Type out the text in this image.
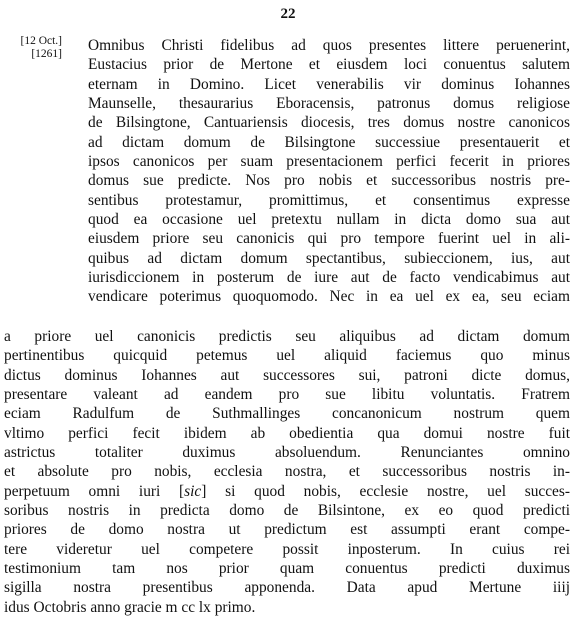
22
[12 Oct.]
[1261]	Omnibus Christi fidelibus ad quos presentes littere peruenerint,
Eustacius prior de Mertone et eiusdem loci conuentus salutem
eternam in Domino. Licet venerabilis vir dominus Iohannes
Maunselle, thesaurarius Eboracensis, patronus domus religiose
de Bilsingtone, Cantuariensis diocesis, tres domus nostre canonicos
ad dictam domum de Bilsingtone successiue presentauerit et
ipsos canonicos per suam presentacionem perfici fecerit in priores
domus sue predicte. Nos pro nobis et successoribus nostris pre-
sentibus protestamur, promittimus, et consentimus expresse
quod ea occasione uel pretextu nullam in dicta domo sua aut
eiusdem priore seu canonicis qui pro tempore fuerint uel in ali-
quibus ad dictam domum spectantibus, subieccionem, ius, aut
iurisdiccionem in posterum de iure aut de facto vendicabimus aut
vendicare poterimus quoquomodo. Nec in ea uel ex ea, seu eciam
a priore uel canonicis predictis seu aliquibus ad dictam domum
pertinentibus quicquid petemus uel aliquid faciemus quo minus
dictus dominus Iohannes aut successores sui, patroni dicte domus,
presentare valeant ad eandem pro sue libitu voluntatis. Fratrem
eciam Radulfum de Suthmallinges concanonicum nostrum quem
vltimo perfici fecit ibidem ab obedientia qua domui nostre fuit
astrictus totaliter duximus absoluendum. Renunciantes omnino
et absolute pro nobis, ecclesia nostra, et successoribus nostris in-
perpetuum omni iuri [sic] si quod nobis, ecclesie nostre, uel succes-
soribus nostris in predicta domo de Bilsintone, ex eo quod predicti
priores de domo nostra ut predictum est assumpti erant compe-
tere videretur uel competere possit inposterum. In cuius rei
testimonium tam nos prior quam conuentus predicti duximus
sigilla nostra presentibus apponenda. Data apud Mertune iiij
idus Octobris anno gracie m cc lx primo.
